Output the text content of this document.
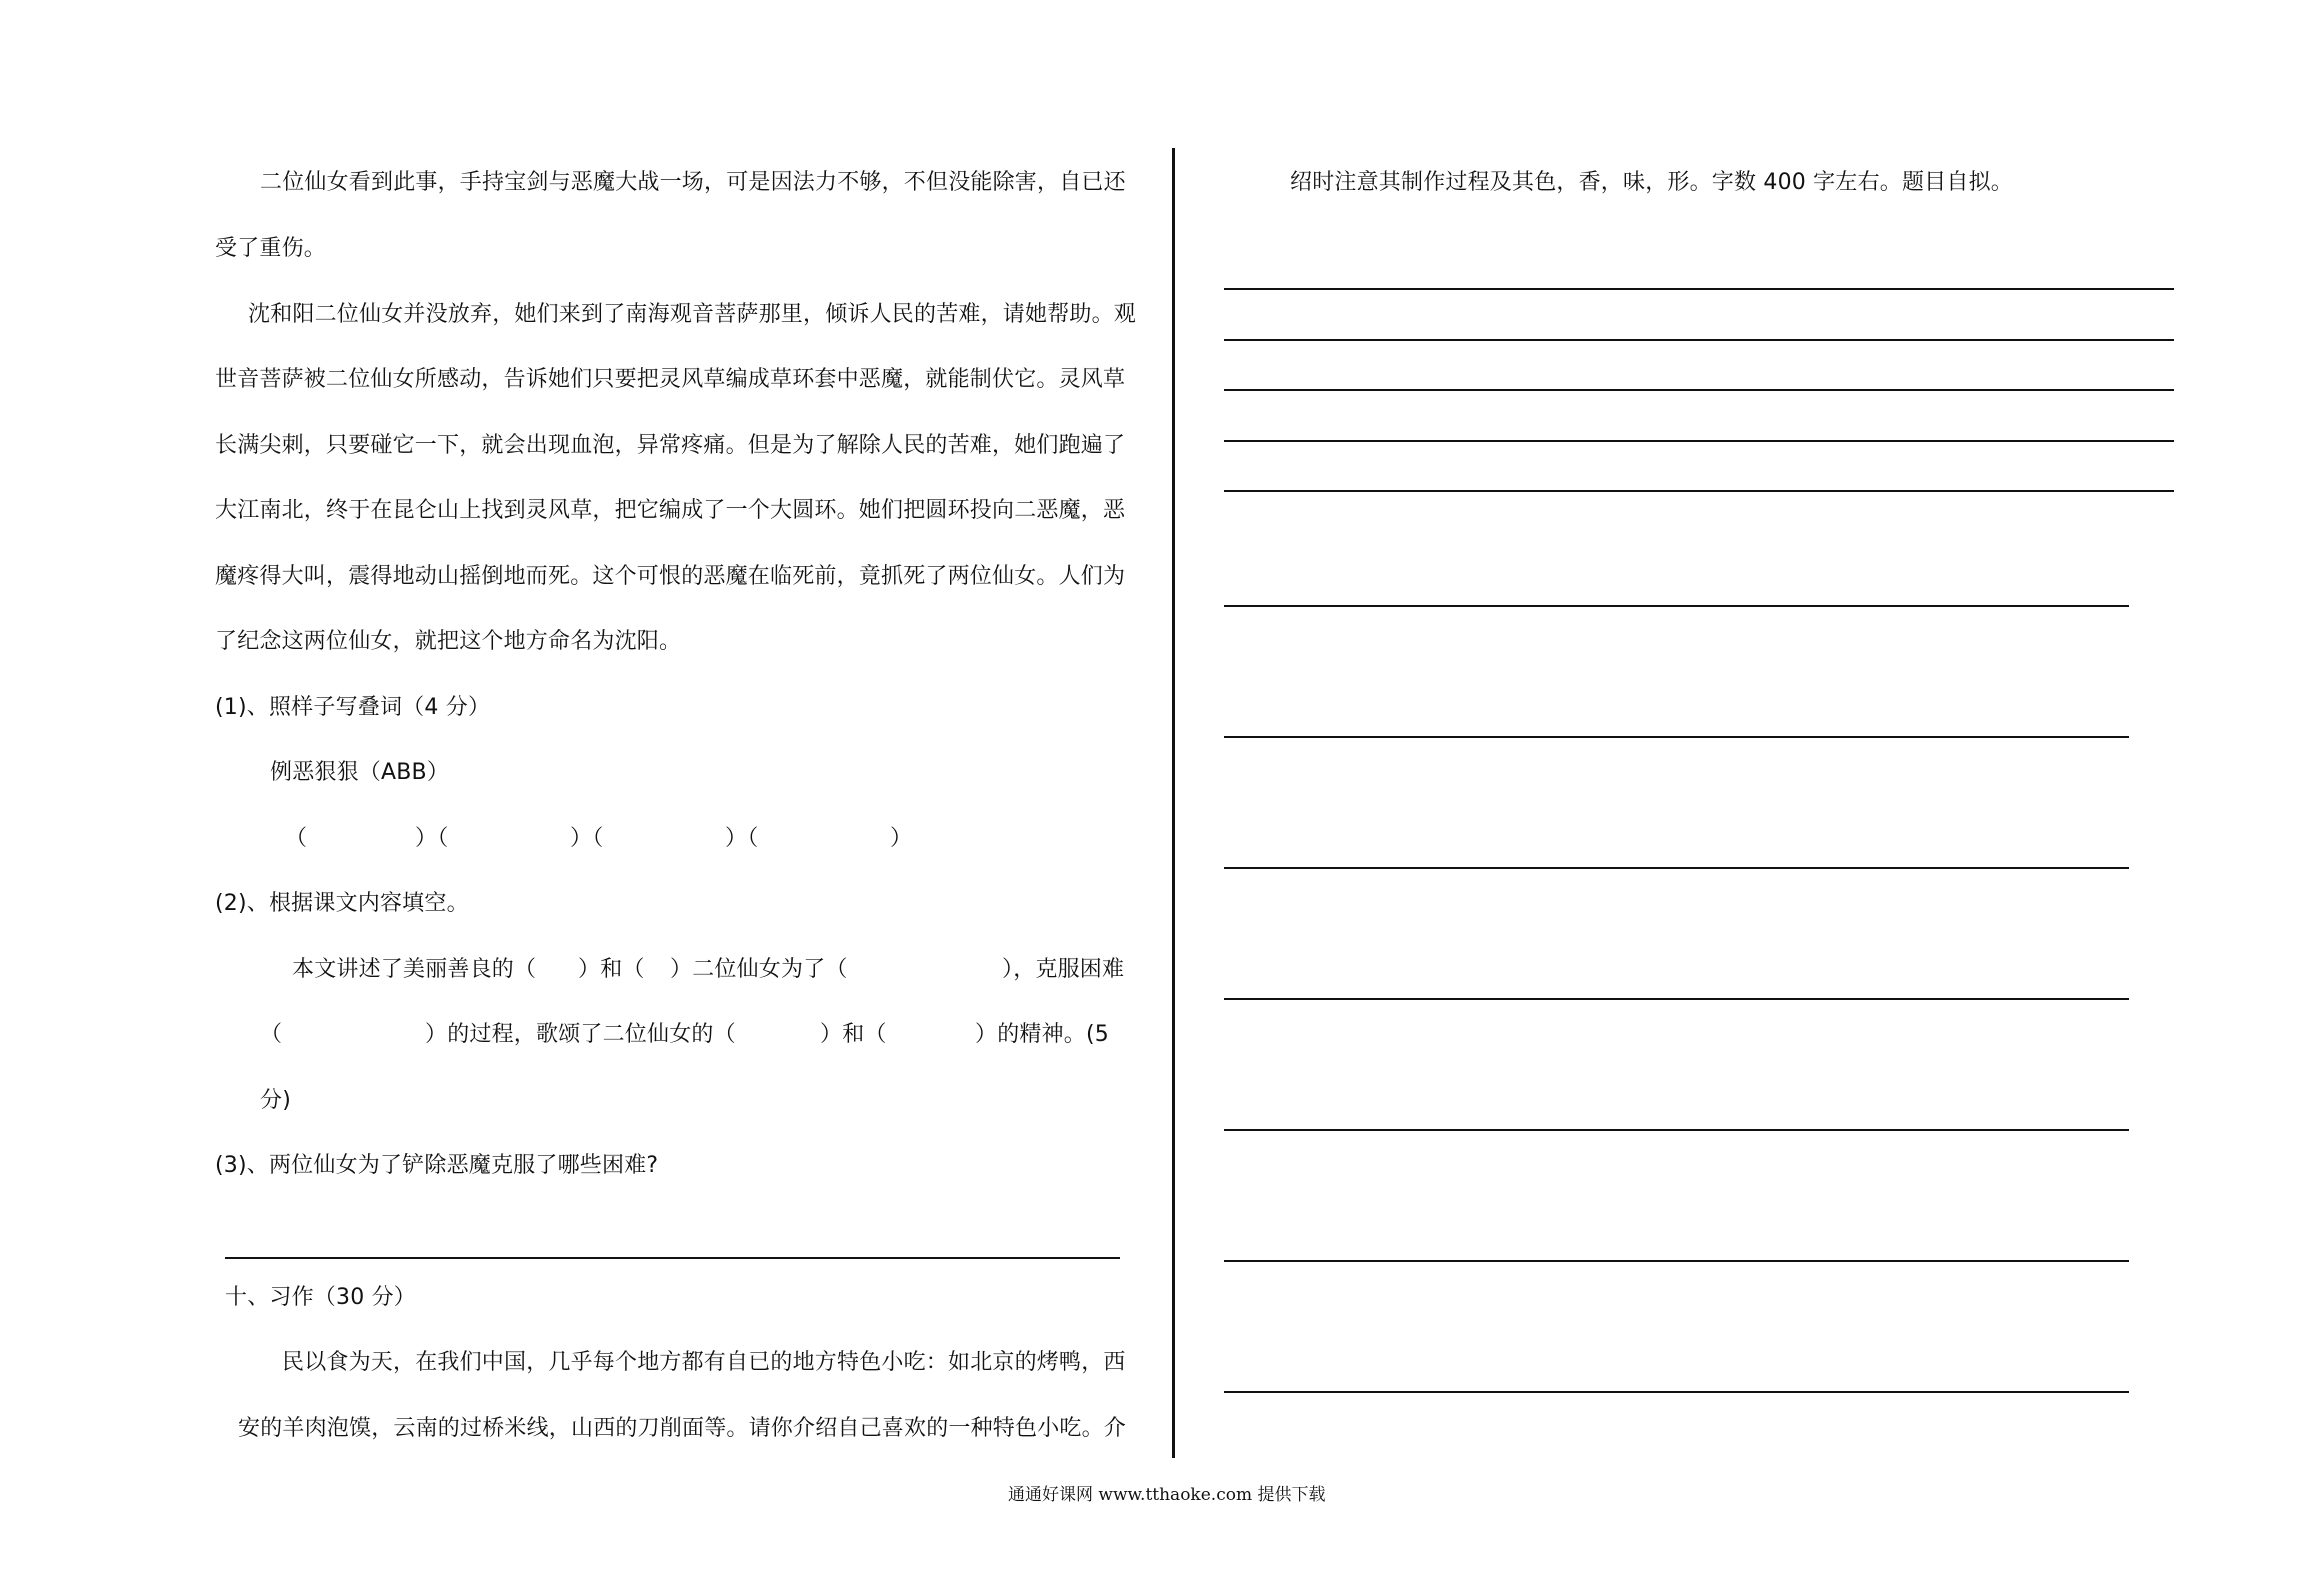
二位仙女看到此事，手持宝剑与恶魔大战一场，可是因法力不够，不但没能除害，自已还
受了重伤。
沈和阳二位仙女并没放弃，她们来到了南海观音菩萨那里，倾诉人民的苦难，请她帮助。观
世音菩萨被二位仙女所感动，告诉她们只要把灵风草编成草环套中恶魔，就能制伏它。灵风草
长满尖刺，只要碰它一下，就会出现血泡，异常疼痛。但是为了解除人民的苦难，她们跑遍了
大江南北，终于在昆仑山上找到灵风草，把它编成了一个大圆环。她们把圆环投向二恶魔，恶
魔疼得大叫，震得地动山摇倒地而死。这个可恨的恶魔在临死前，竟抓死了两位仙女。人们为
了纪念这两位仙女，就把这个地方命名为沈阳。
(1)、照样子写叠词（4 分）
例恶狠狠（ABB）
（	）（	）（	）（	）
(2)、根据课文内容填空。
本文讲述了美丽善良的（ ）和（ ）二位仙女为了（	），克服困难
（	）的过程，歌颂了二位仙女的（	）和（	）的精神。(5
分)
(3)、两位仙女为了铲除恶魔克服了哪些困难?
十、习作（30 分）
民以食为天，在我们中国，几乎每个地方都有自已的地方特色小吃：如北京的烤鸭，西
安的羊肉泡馍，云南的过桥米线，山西的刀削面等。请你介绍自己喜欢的一种特色小吃。介
绍时注意其制作过程及其色，香，味，形。字数 400 字左右。题目自拟。
通通好课网 www.tthaoke.com 提供下载
